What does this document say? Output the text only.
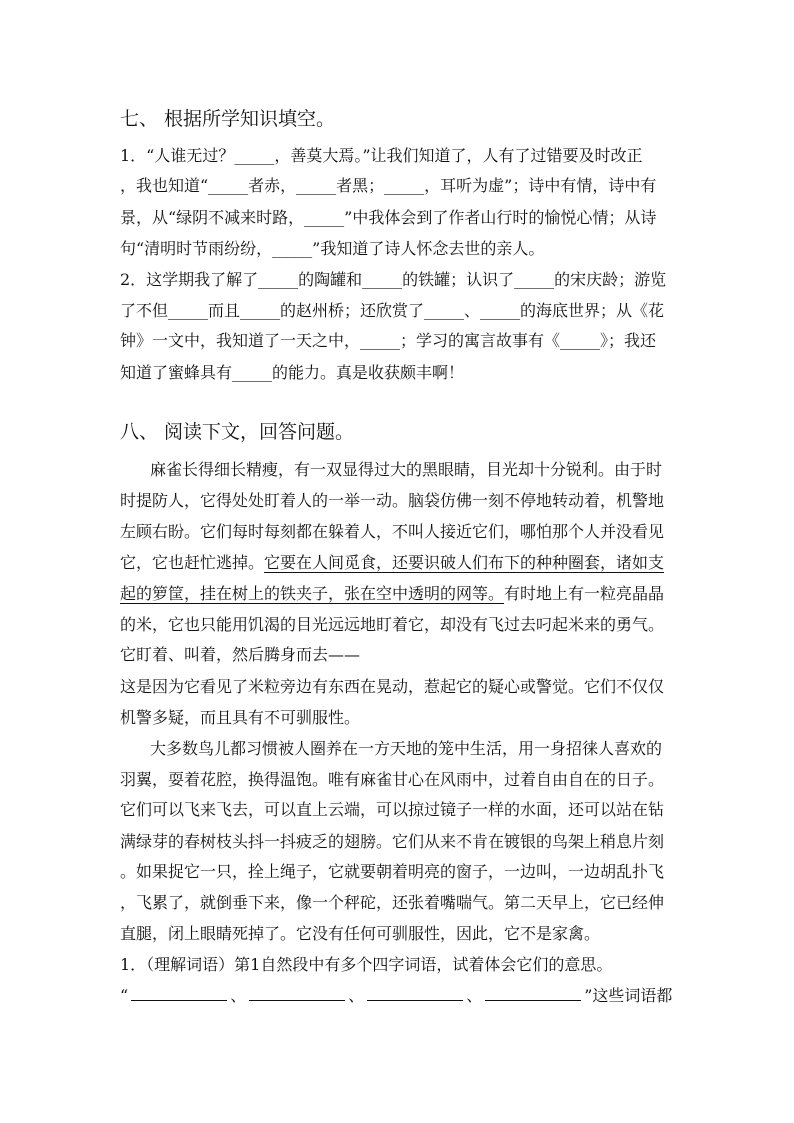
七、 根据所学知识填空。
1．“人谁无过？_____，善莫大焉。”让我们知道了，人有了过错要及时改正
，我也知道“_____者赤，_____者黑；_____，耳听为虚”；诗中有情，诗中有
景，从“绿阴不减来时路，_____”中我体会到了作者山行时的愉悦心情；从诗
句“清明时节雨纷纷，_____”我知道了诗人怀念去世的亲人。
2．这学期我了解了_____的陶罐和_____的铁罐；认识了_____的宋庆龄；游览
了不但_____而且_____的赵州桥；还欣赏了_____、_____的海底世界；从《花
钟》一文中，我知道了一天之中，_____；学习的寓言故事有《_____》；我还
知道了蜜蜂具有_____的能力。真是收获颇丰啊！
八、 阅读下文，回答问题。
麻雀长得细长精瘦，有一双显得过大的黑眼睛，目光却十分锐利。由于时
时提防人，它得处处盯着人的一举一动。脑袋仿佛一刻不停地转动着，机警地
左顾右盼。它们每时每刻都在躲着人，不叫人接近它们，哪怕那个人并没看见
它，它也赶忙逃掉。它要在人间觅食，还要识破人们布下的种种圈套，诸如支
起的箩筐，挂在树上的铁夹子，张在空中透明的网等。有时地上有一粒亮晶晶
的米，它也只能用饥渴的目光远远地盯着它，却没有飞过去叼起米来的勇气。
它盯着、叫着，然后腾身而去——
这是因为它看见了米粒旁边有东西在晃动，惹起它的疑心或警觉。它们不仅仅
机警多疑，而且具有不可驯服性。
大多数鸟儿都习惯被人圈养在一方天地的笼中生活，用一身招徕人喜欢的
羽翼，耍着花腔，换得温饱。唯有麻雀甘心在风雨中，过着自由自在的日子。
它们可以飞来飞去，可以直上云端，可以掠过镜子一样的水面，还可以站在钻
满绿芽的春树枝头抖一抖疲乏的翅膀。它们从来不肯在镀银的鸟架上稍息片刻
。如果捉它一只，拴上绳子，它就要朝着明亮的窗子，一边叫，一边胡乱扑飞
，飞累了，就倒垂下来，像一个秤砣，还张着嘴喘气。第二天早上，它已经伸
直腿，闭上眼睛死掉了。它没有任何可驯服性，因此，它不是家禽。
1．（理解词语）第1自然段中有多个四字词语，试着体会它们的意思。
“	、	、	、	”这些词语都
